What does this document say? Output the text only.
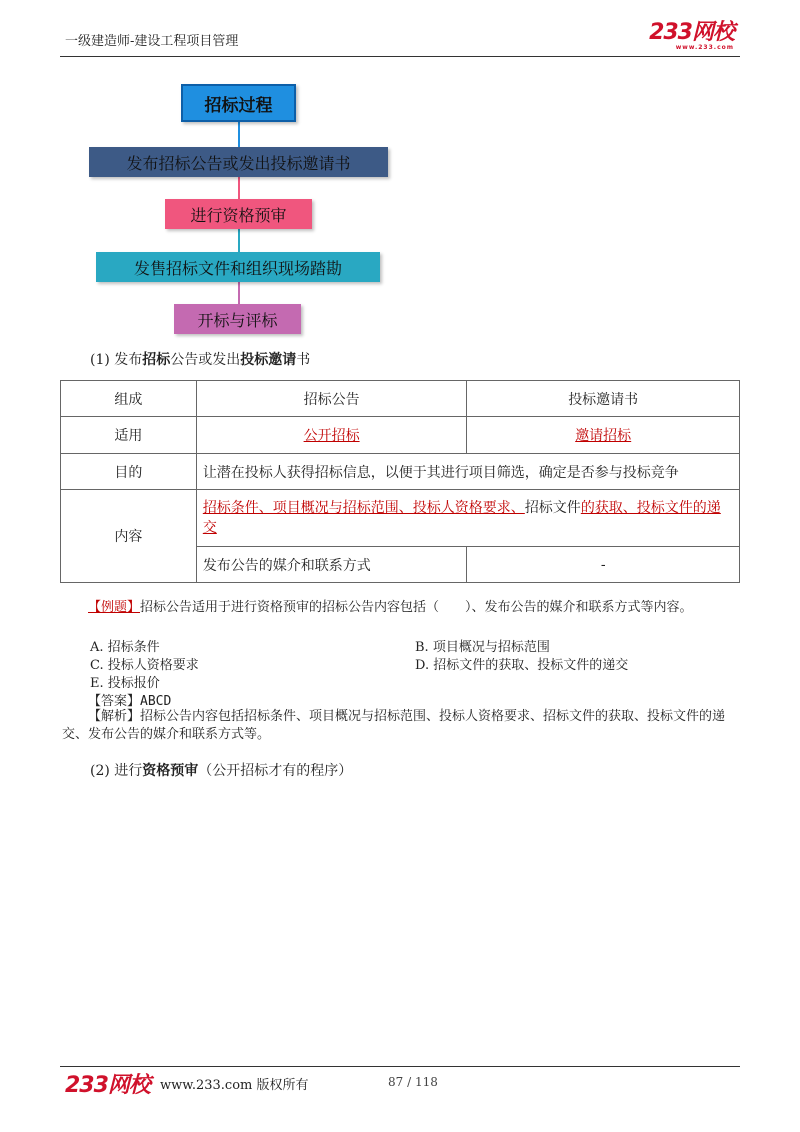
一级建造师-建设工程项目管理	233网校
www.233.com
招标过程
发布招标公告或发出投标邀请书
进行资格预审
发售招标文件和组织现场踏勘
开标与评标
(1) 发布招标公告或发出投标邀请书
组成	招标公告	投标邀请书
适用	公开招标	邀请招标
目的	让潜在投标人获得招标信息，以便于其进行项目筛选，确定是否参与投标竞争	
内容	招标条件、项目概况与招标范围、投标人资格要求、招标文件的获取、投标文件的递交	
	发布公告的媒介和联系方式	-
【例题】招标公告适用于进行资格预审的招标公告内容包括（　　）、发布公告的媒介和联系方式等内容。
A. 招标条件	B. 项目概况与招标范围
C. 投标人资格要求	D. 招标文件的获取、投标文件的递交
E. 投标报价
【答案】ABCD
【解析】招标公告内容包括招标条件、项目概况与招标范围、投标人资格要求、招标文件的获取、投标文件的递交、发布公告的媒介和联系方式等。
(2) 进行资格预审（公开招标才有的程序）
233网校 www.233.com 版权所有	87 / 118
